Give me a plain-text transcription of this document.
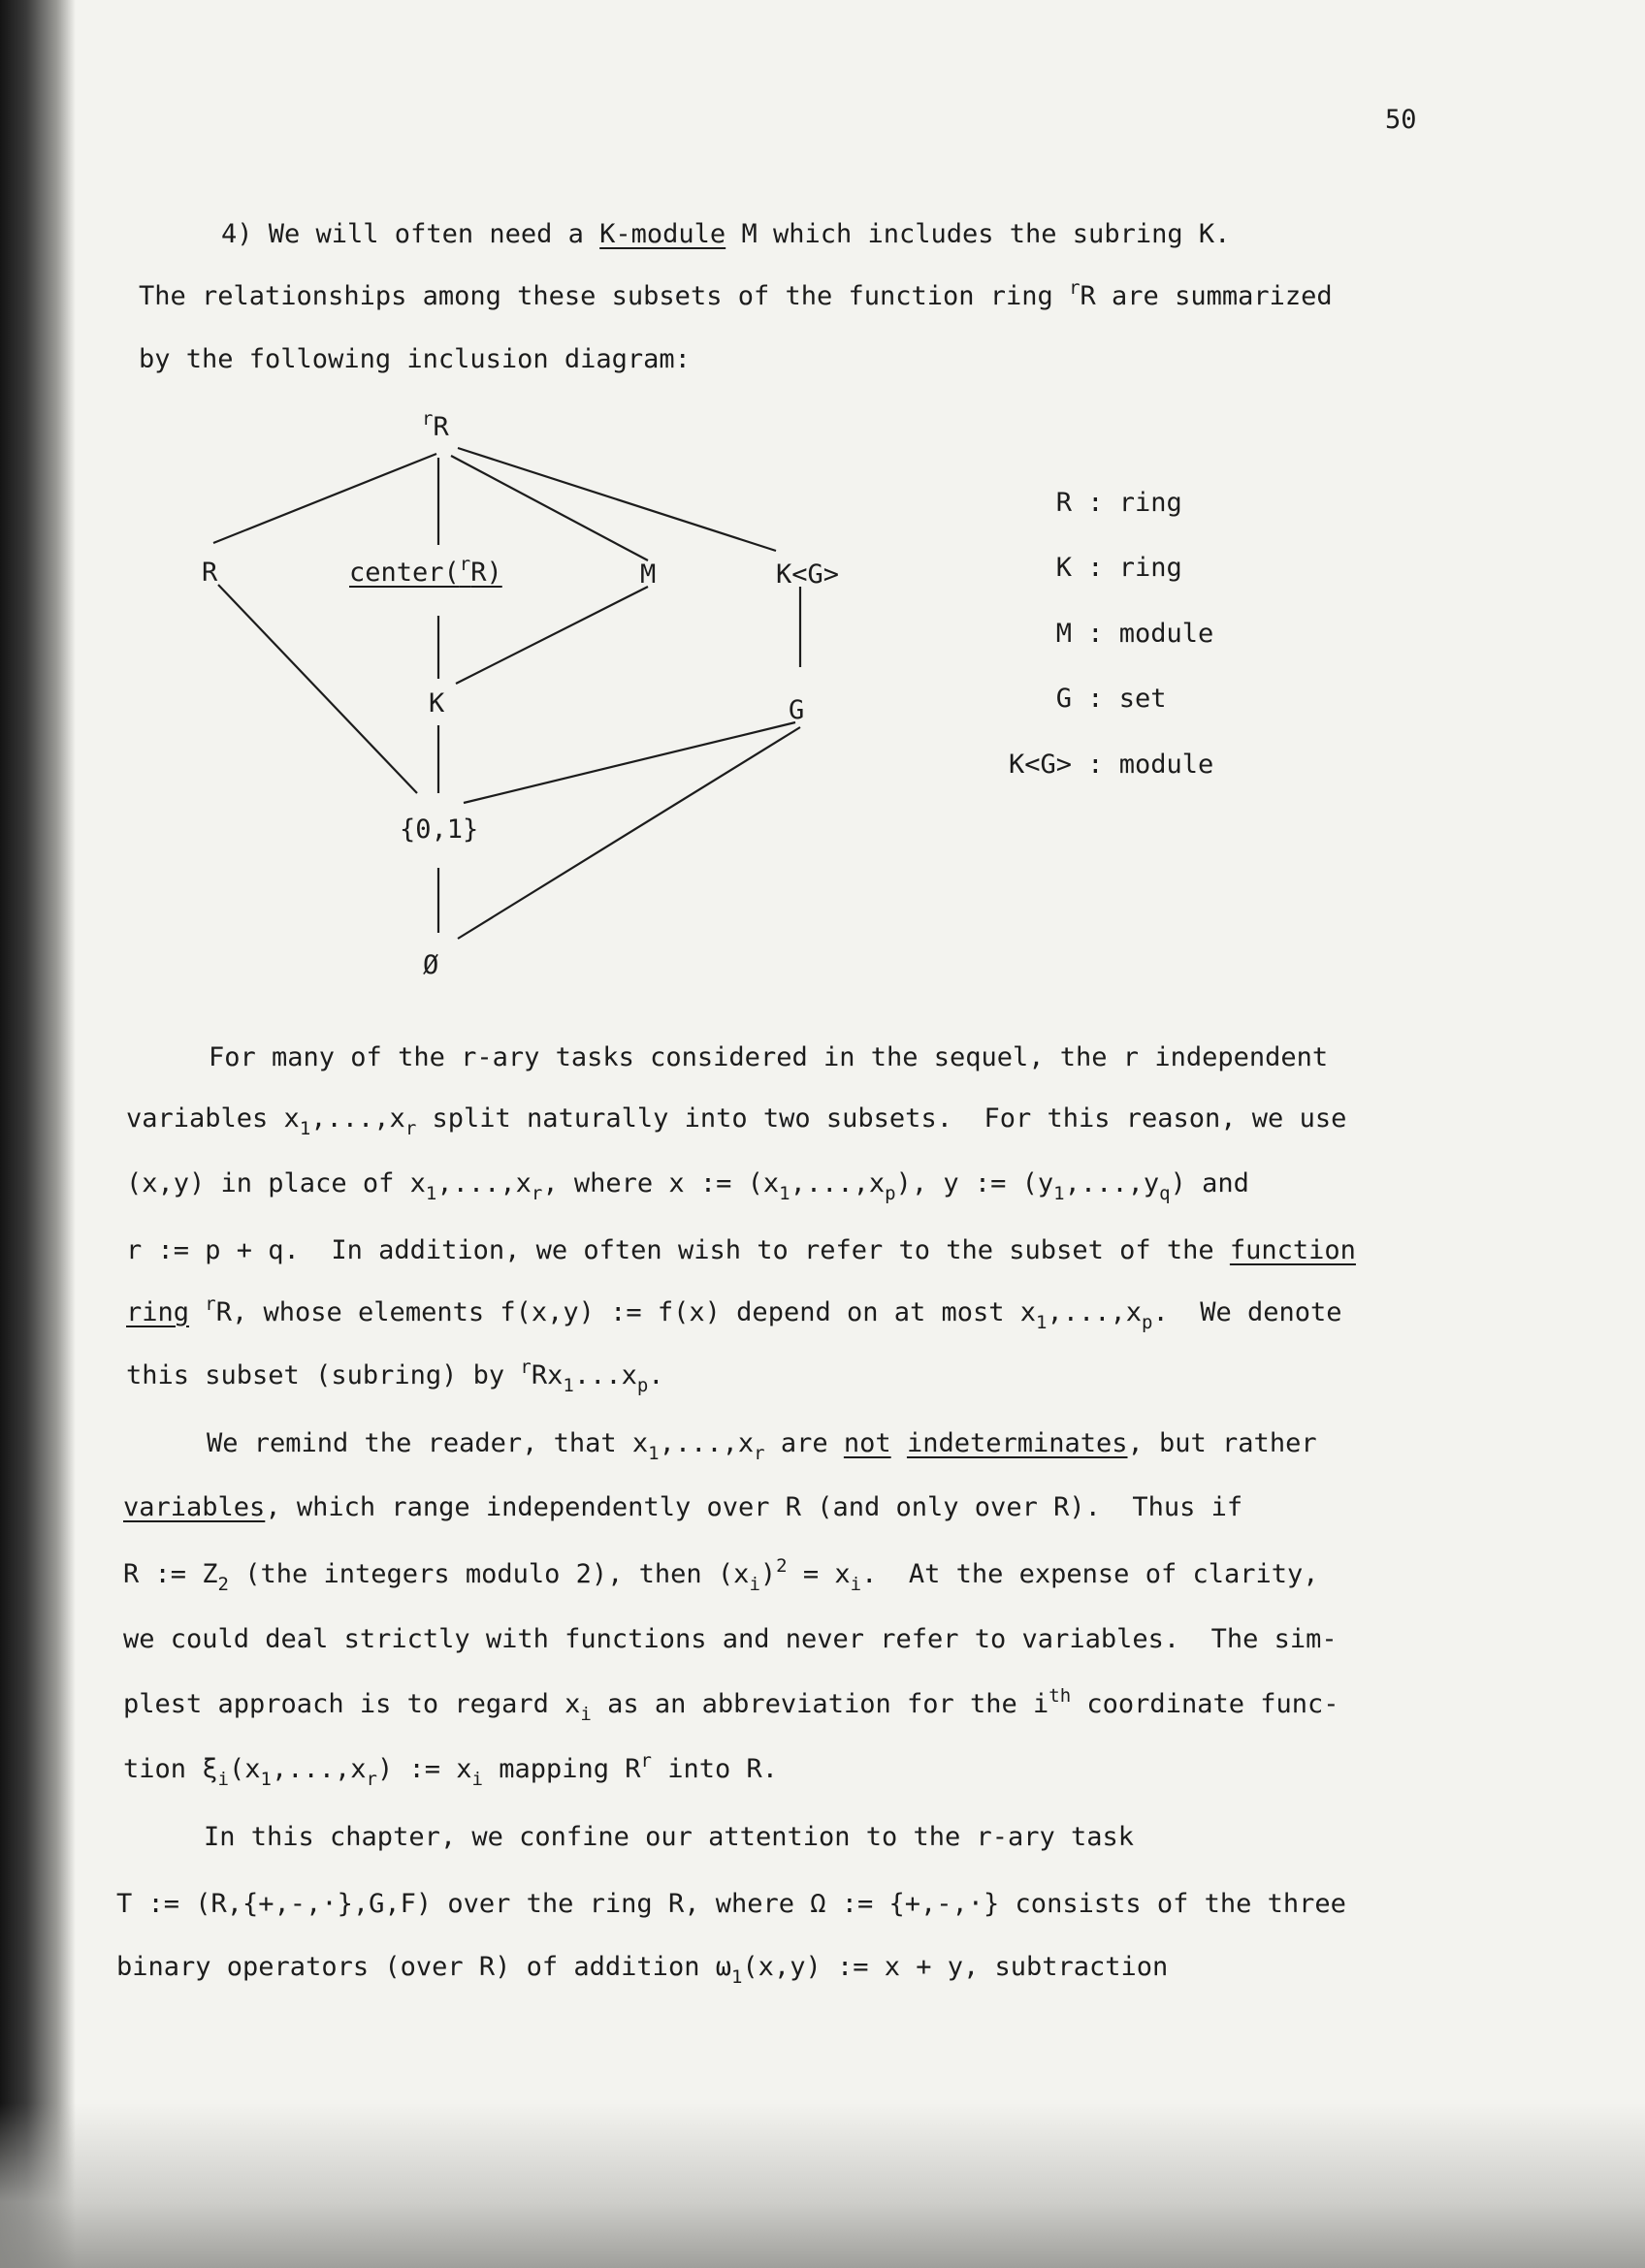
50
4) We will often need a K-module M which includes the subring K.
The relationships among these subsets of the function ring $^r$R are summarized
by the following inclusion diagram:
$^r$R
R	center($^r$R)	M	K<G>
K	G
{0,1}
Ø
R : ring
K : ring
M : module
G : set
K<G> : module
For many of the r-ary tasks considered in the sequel, the r independent
variables $x_1,...,x_r$ split naturally into two subsets.  For this reason, we use
(x,y) in place of $x_1,...,x_r$, where x := $(x_1,...,x_p)$, y := $(y_1,...,y_q)$ and
r := p + q.  In addition, we often wish to refer to the subset of the function
ring $^r$R, whose elements f(x,y) := f(x) depend on at most $x_1,...,x_p$.  We denote
this subset (subring) by $^rRx_1...x_p$.
We remind the reader, that $x_1,...,x_r$ are not indeterminates, but rather
variables, which range independently over R (and only over R).  Thus if
R := $Z_2$ (the integers modulo 2), then $(x_i)^2 = x_i$.  At the expense of clarity,
we could deal strictly with functions and never refer to variables.  The sim-
plest approach is to regard $x_i$ as an abbreviation for the $i^{th}$ coordinate func-
tion $\xi_i(x_1,...,x_r)$ := $x_i$ mapping $R^r$ into R.
In this chapter, we confine our attention to the r-ary task
T := (R,{+,-,·},G,F) over the ring R, where Ω := {+,-,·} consists of the three
binary operators (over R) of addition $\omega_1(x,y)$ := x + y, subtraction
